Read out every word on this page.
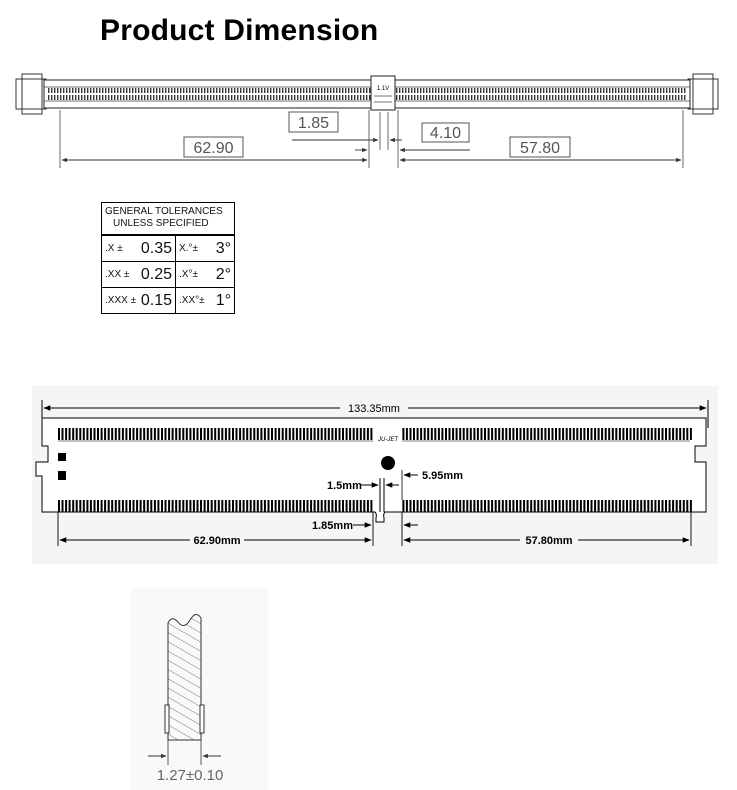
Product Dimension
1.1V
62.90
1.85
4.10
57.80
133.35mm
JU-JET
1.5mm
5.95mm
1.85mm
62.90mm	57.80mm
1.27±0.10
GENERAL TOLERANCES
UNLESS SPECIFIED
.X ± 0.35 X.°± 3°
.XX ± 0.25 .X°± 2°
.XXX ± 0.15 .XX°± 1°
